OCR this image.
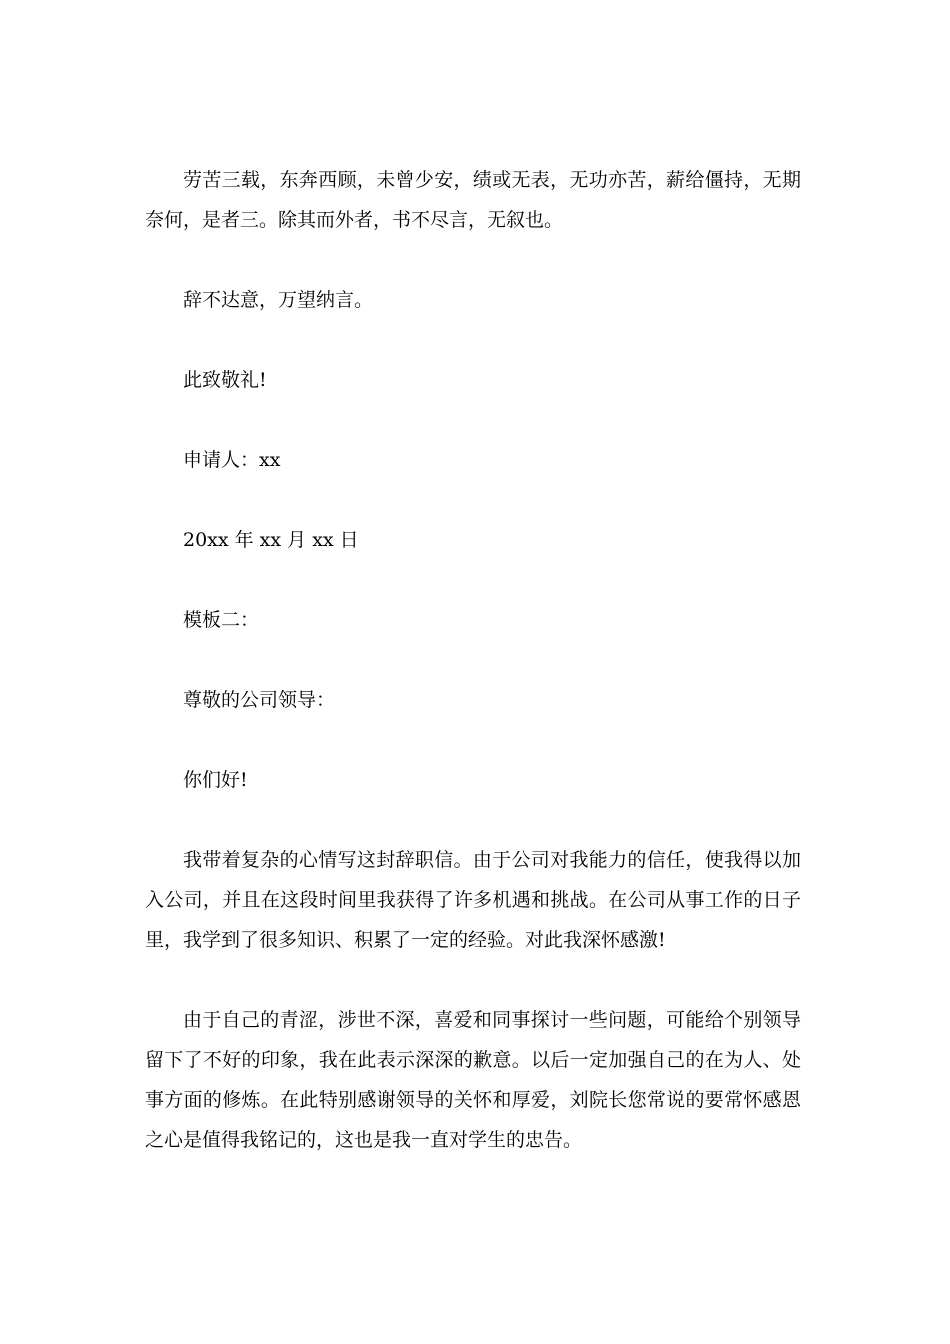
劳苦三载，东奔西顾，未曾少安，绩或无表，无功亦苦，薪给僵持，无期奈何，是者三。除其而外者，书不尽言，无叙也。

辞不达意，万望纳言。

此致敬礼!

申请人：xx

20xx 年 xx 月 xx 日

模板二：

尊敬的公司领导：

你们好!

我带着复杂的心情写这封辞职信。由于公司对我能力的信任，使我得以加入公司，并且在这段时间里我获得了许多机遇和挑战。在公司从事工作的日子里，我学到了很多知识、积累了一定的经验。对此我深怀感激!

由于自己的青涩，涉世不深，喜爱和同事探讨一些问题，可能给个别领导留下了不好的印象，我在此表示深深的歉意。以后一定加强自己的在为人、处事方面的修炼。在此特别感谢领导的关怀和厚爱，刘院长您常说的要常怀感恩之心是值得我铭记的，这也是我一直对学生的忠告。
